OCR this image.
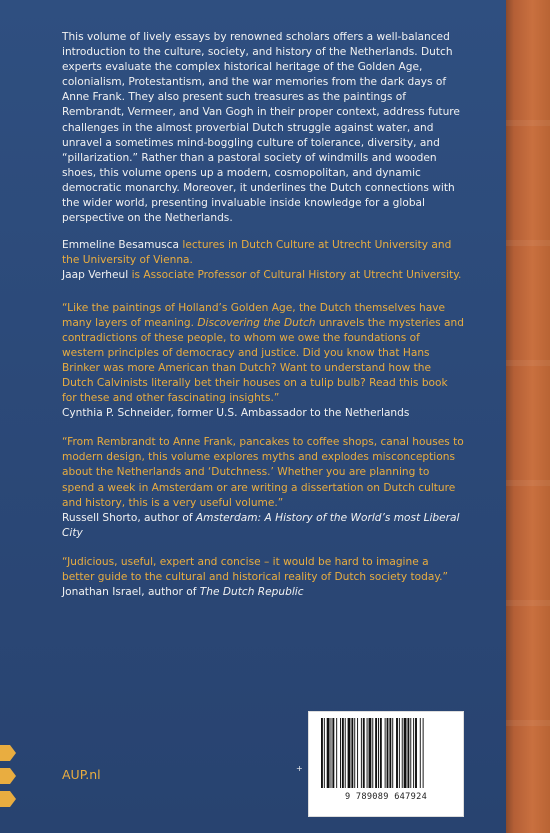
This volume of lively essays by renowned scholars offers a well-balanced introduction to the culture, society, and history of the Netherlands. Dutch experts evaluate the complex historical heritage of the Golden Age, colonialism, Protestantism, and the war memories from the dark days of Anne Frank. They also present such treasures as the paintings of Rembrandt, Vermeer, and Van Gogh in their proper context, address future challenges in the almost proverbial Dutch struggle against water, and unravel a sometimes mind-boggling culture of tolerance, diversity, and “pillarization.” Rather than a pastoral society of windmills and wooden shoes, this volume opens up a modern, cosmopolitan, and dynamic democratic monarchy. Moreover, it underlines the Dutch connections with the wider world, presenting invaluable inside knowledge for a global perspective on the Netherlands.

Emmeline Besamusca lectures in Dutch Culture at Utrecht University and the University of Vienna.

Jaap Verheul is Associate Professor of Cultural History at Utrecht University.

“Like the paintings of Holland’s Golden Age, the Dutch themselves have many layers of meaning. Discovering the Dutch unravels the mysteries and contradictions of these people, to whom we owe the foundations of western principles of democracy and justice. Did you know that Hans Brinker was more American than Dutch? Want to understand how the Dutch Calvinists literally bet their houses on a tulip bulb? Read this book for these and other fascinating insights.”

Cynthia P. Schneider, former U.S. Ambassador to the Netherlands

“From Rembrandt to Anne Frank, pancakes to coffee shops, canal houses to modern design, this volume explores myths and explodes misconceptions about the Netherlands and ‘Dutchness.’ Whether you are planning to spend a week in Amsterdam or are writing a dissertation on Dutch culture and history, this is a very useful volume.”

Russell Shorto, author of Amsterdam: A History of the World’s most Liberal City

“Judicious, useful, expert and concise – it would be hard to imagine a better guide to the cultural and historical reality of Dutch society today.”

Jonathan Israel, author of The Dutch Republic

AUP.nl	+
9 789089 647924
